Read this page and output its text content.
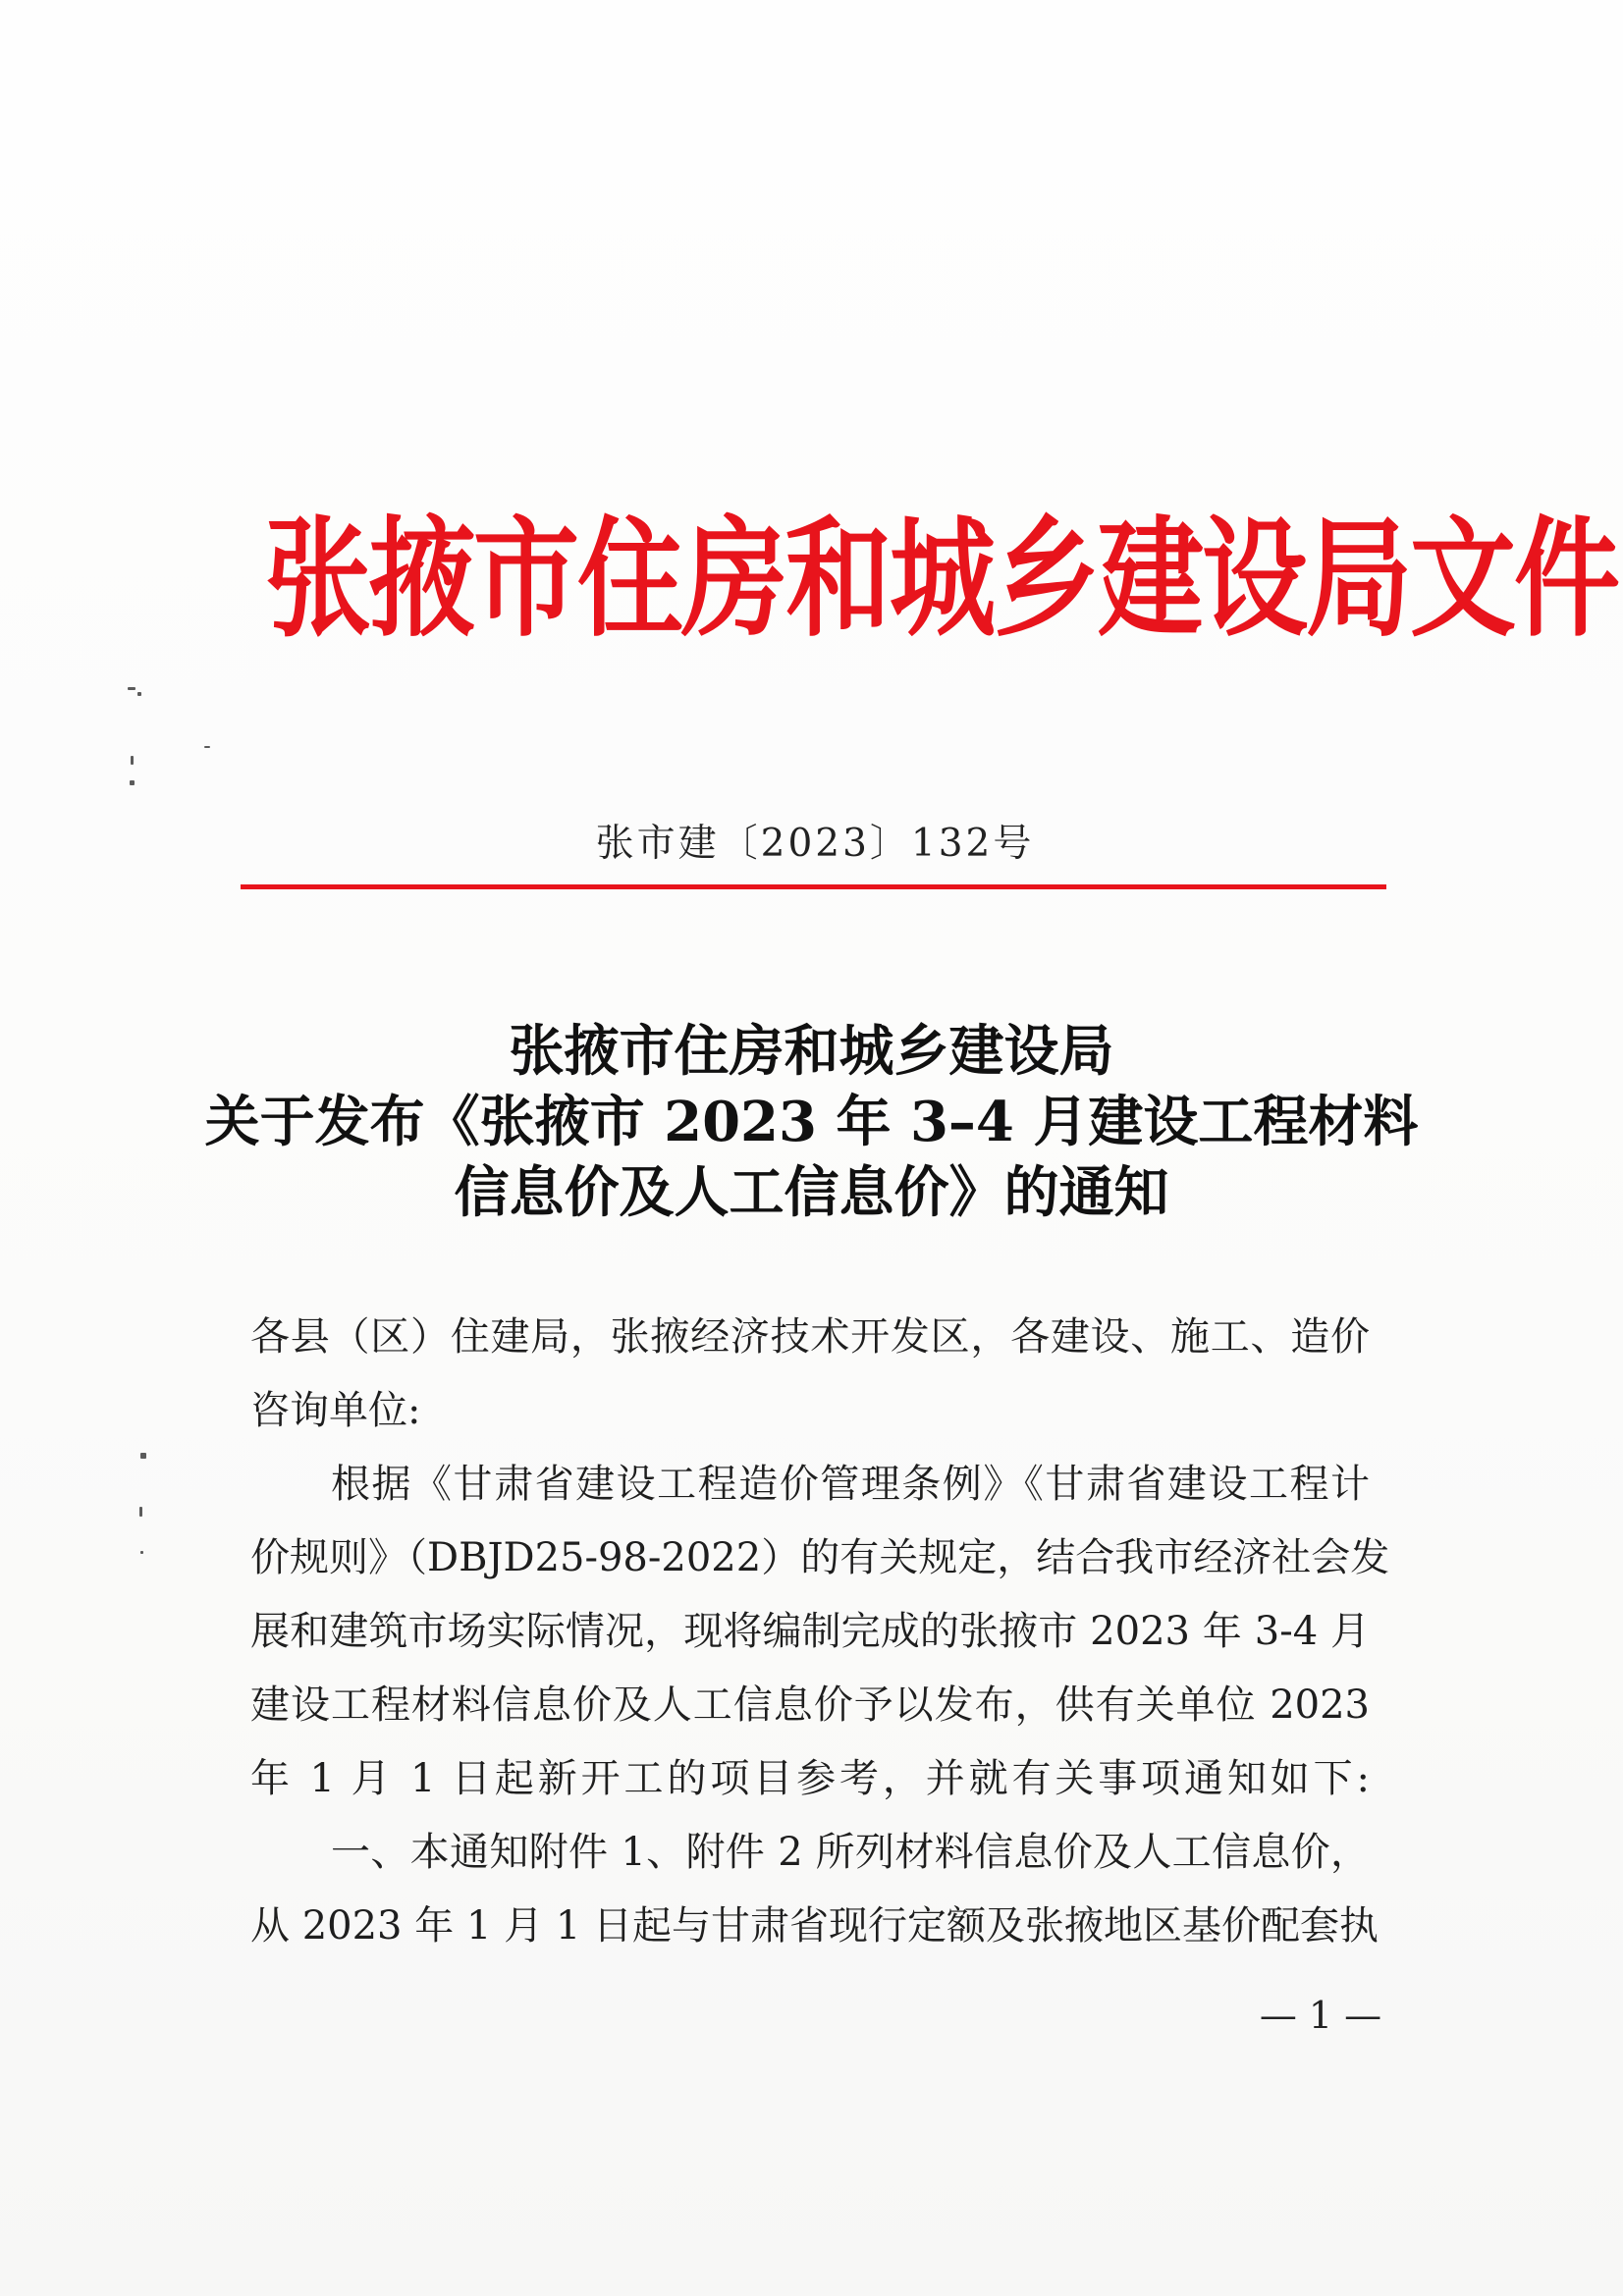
张掖市住房和城乡建设局文件
张市建〔2023〕132号
张掖市住房和城乡建设局
关于发布《张掖市 2023 年 3–4 月建设工程材料
信息价及人工信息价》的通知
各县（区）住建局，张掖经济技术开发区，各建设、施工、造价
咨询单位:
根据《甘肃省建设工程造价管理条例》《甘肃省建设工程计
价规则》（DBJD25-98-2022）的有关规定，结合我市经济社会发
展和建筑市场实际情况，现将编制完成的张掖市 2023 年 3-4 月
建设工程材料信息价及人工信息价予以发布，供有关单位 2023
年 1 月 1 日起新开工的项目参考，并就有关事项通知如下:
一、本通知附件 1、附件 2 所列材料信息价及人工信息价，
从 2023 年 1 月 1 日起与甘肃省现行定额及张掖地区基价配套执
— 1 —
